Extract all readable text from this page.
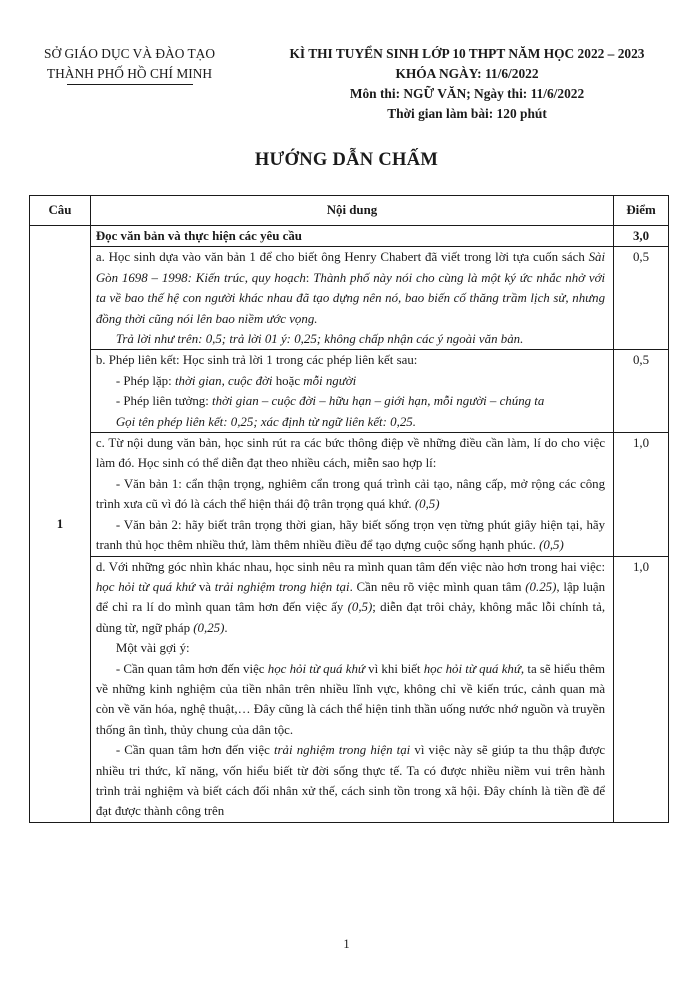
SỞ GIÁO DỤC VÀ ĐÀO TẠO
THÀNH PHỐ HỒ CHÍ MINH
KÌ THI TUYỂN SINH LỚP 10 THPT NĂM HỌC 2022 – 2023
KHÓA NGÀY: 11/6/2022
Môn thi: NGỮ VĂN; Ngày thi: 11/6/2022
Thời gian làm bài: 120 phút
HƯỚNG DẪN CHẤM
Câu	Nội dung	Điểm
1	Đọc văn bản và thực hiện các yêu cầu	3,0

	a. Học sinh dựa vào văn bản 1 để cho biết ông Henry Chabert đã viết trong lời tựa cuốn sách Sài Gòn 1698 – 1998: Kiến trúc, quy hoạch: Thành phố này nói cho cùng là một ký ức nhắc nhở với ta về bao thế hệ con người khác nhau đã tạo dựng nên nó, bao biến cố thăng trầm lịch sử, nhưng đồng thời cũng nói lên bao niềm ước vọng.

Trả lời như trên: 0,5; trả lời 01 ý: 0,25; không chấp nhận các ý ngoài văn bản.	0,5

	b. Phép liên kết: Học sinh trả lời 1 trong các phép liên kết sau:

- Phép lặp: thời gian, cuộc đời hoặc mỗi người

- Phép liên tưởng: thời gian – cuộc đời – hữu hạn – giới hạn, mỗi người – chúng ta

Gọi tên phép liên kết: 0,25; xác định từ ngữ liên kết: 0,25.	0,5

	c. Từ nội dung văn bản, học sinh rút ra các bức thông điệp về những điều cần làm, lí do cho việc làm đó. Học sinh có thể diễn đạt theo nhiều cách, miễn sao hợp lí:

- Văn bản 1: cẩn thận trọng, nghiêm cẩn trong quá trình cải tạo, nâng cấp, mở rộng các công trình xưa cũ vì đó là cách thể hiện thái độ trân trọng quá khứ. (0,5)

- Văn bản 2: hãy biết trân trọng thời gian, hãy biết sống trọn vẹn từng phút giây hiện tại, hãy tranh thủ học thêm nhiều thứ, làm thêm nhiều điều để tạo dựng cuộc sống hạnh phúc. (0,5)	1,0

	d. Với những góc nhìn khác nhau, học sinh nêu ra mình quan tâm đến việc nào hơn trong hai việc: học hỏi từ quá khứ và trải nghiệm trong hiện tại. Cần nêu rõ việc mình quan tâm (0.25), lập luận để chỉ ra lí do mình quan tâm hơn đến việc ấy (0,5); diễn đạt trôi chảy, không mắc lỗi chính tả, dùng từ, ngữ pháp (0,25).

Một vài gợi ý:

- Cần quan tâm hơn đến việc học hỏi từ quá khứ vì khi biết học hỏi từ quá khứ, ta sẽ hiểu thêm về những kinh nghiệm của tiền nhân trên nhiều lĩnh vực, không chỉ về kiến trúc, cảnh quan mà còn về văn hóa, nghệ thuật,… Đây cũng là cách thể hiện tinh thần uống nước nhớ nguồn và truyền thống ân tình, thủy chung của dân tộc.

- Cần quan tâm hơn đến việc trải nghiệm trong hiện tại vì việc này sẽ giúp ta thu thập được nhiều tri thức, kĩ năng, vốn hiểu biết từ đời sống thực tế. Ta có được nhiều niềm vui trên hành trình trải nghiệm và biết cách đối nhân xử thế, cách sinh tồn trong xã hội. Đây chính là tiền đề để đạt được thành công trên	1,0
1
